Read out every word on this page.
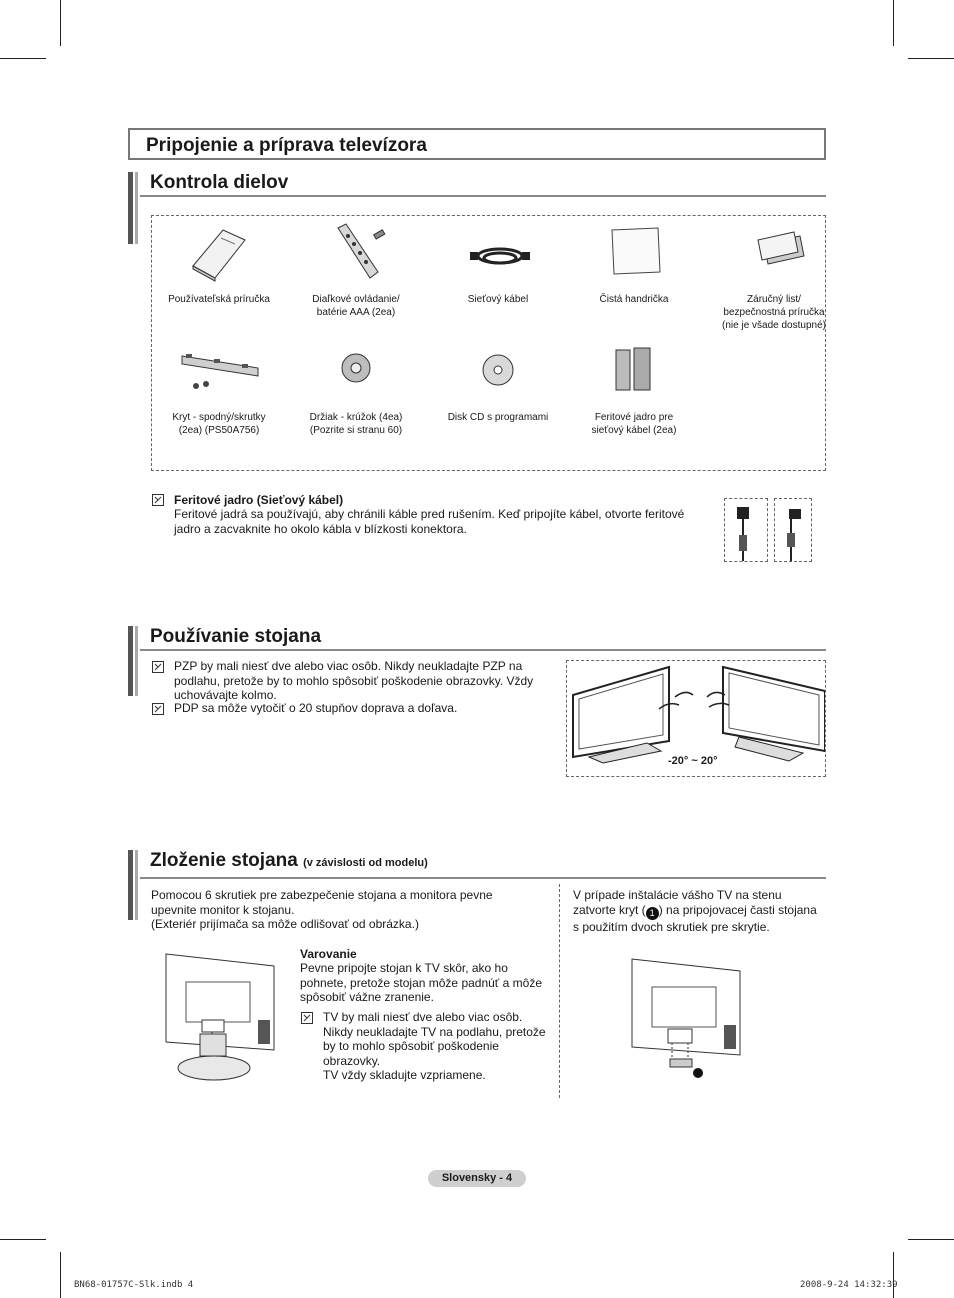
Pripojenie a príprava televízora
Kontrola dielov
Používateľská príručka	Diaľkové ovládanie/
batérie AAA (2ea)
Sieťový kábel	Čistá handrička	Záručný list/
bezpečnostná príručka
(nie je všade dostupné)
Kryt - spodný/skrutky
(2ea) (PS50A756)
Držiak - krúžok (4ea)
(Pozrite si stranu 60)
Disk CD s programami	Feritové jadro pre
sieťový kábel (2ea)
Feritové jadro (Sieťový kábel)
Feritové jadrá sa používajú, aby chránili káble pred rušením. Keď pripojíte kábel, otvorte feritové jadro a zacvaknite ho okolo kábla v blízkosti konektora.
Používanie stojana
PZP by mali niesť dve alebo viac osôb. Nikdy neukladajte PZP na podlahu, pretože by to mohlo spôsobiť poškodenie obrazovky. Vždy uchovávajte kolmo.
PDP sa môže vytočiť o 20 stupňov doprava a doľava.
-20° ~ 20°
Zloženie stojana (v závislosti od modelu)
Pomocou 6 skrutiek pre zabezpečenie stojana a monitora pevne upevnite monitor k stojanu.
(Exteriér prijímača sa môže odlišovať od obrázka.)
V prípade inštalácie vášho TV na stenu zatvorte kryt ( 1 ) na pripojovacej časti stojana s použitím dvoch skrutiek pre skrytie.
Varovanie
Pevne pripojte stojan k TV skôr, ako ho pohnete, pretože stojan môže padnúť a môže spôsobiť vážne zranenie.
TV by mali niesť dve alebo viac osôb. Nikdy neukladajte TV na podlahu, pretože by to mohlo spôsobiť poškodenie obrazovky.
TV vždy skladujte vzpriamene.
Slovensky - 4
BN68-01757C-Slk.indb 4	2008-9-24 14:32:39
